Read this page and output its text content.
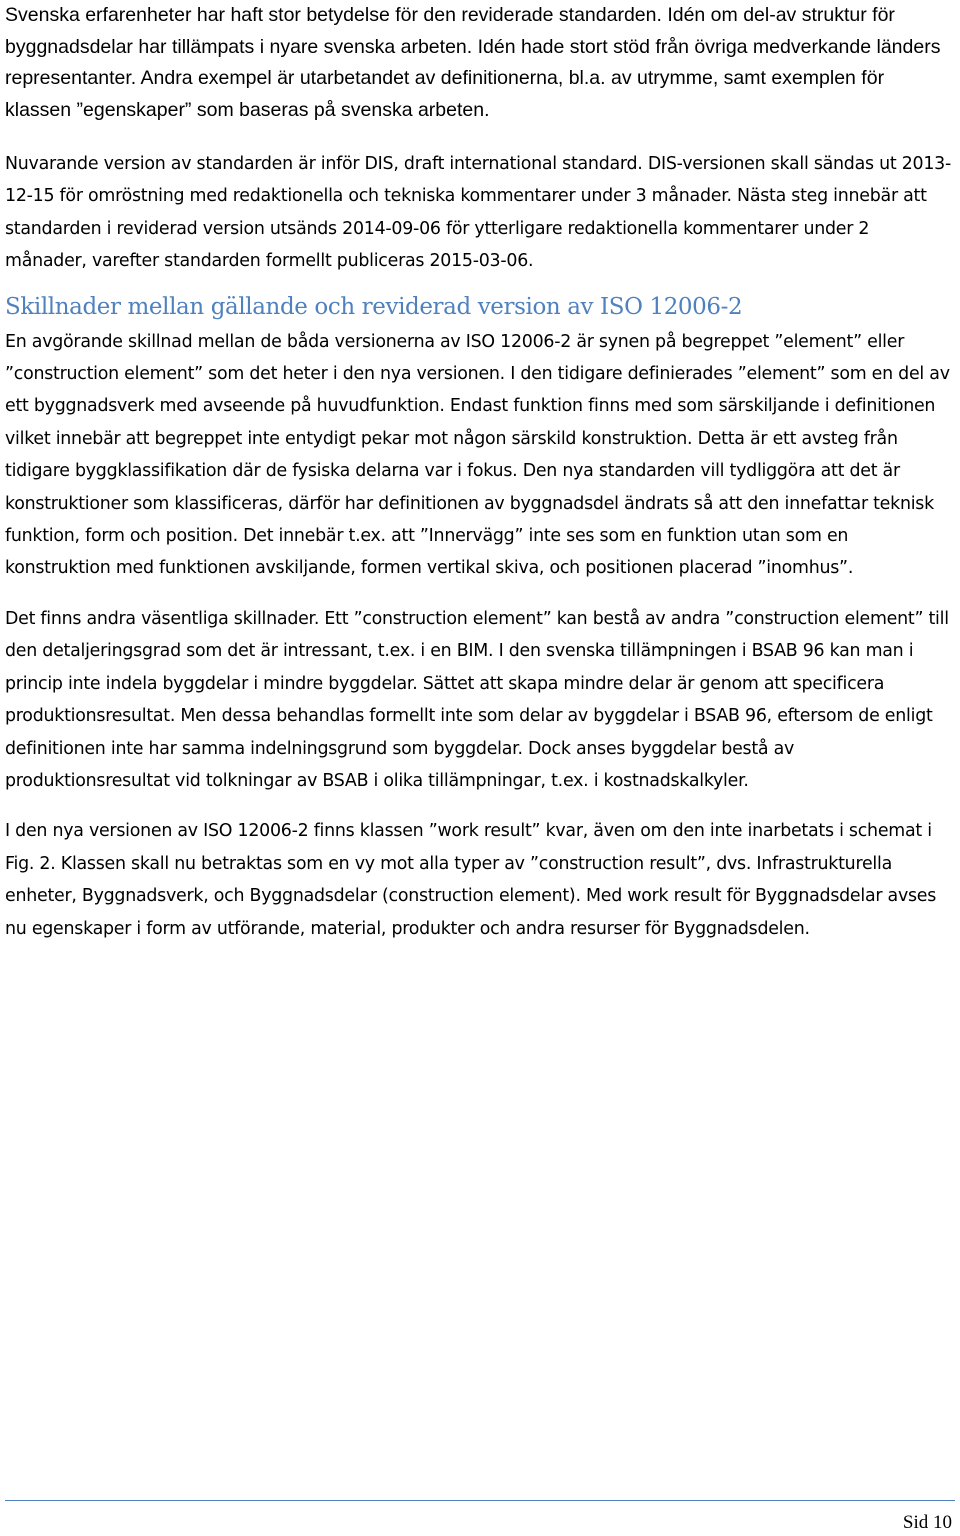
Svenska erfarenheter har haft stor betydelse för den reviderade standarden. Idén om del-av struktur för byggnadsdelar har tillämpats i nyare svenska arbeten. Idén hade stort stöd från övriga medverkande länders representanter. Andra exempel är utarbetandet av definitionerna, bl.a. av utrymme, samt exemplen för klassen ”egenskaper” som baseras på svenska arbeten.

Nuvarande version av standarden är inför DIS, draft international standard. DIS-versionen skall sändas ut 2013-12-15 för omröstning med redaktionella och tekniska kommentarer under 3 månader. Nästa steg innebär att standarden i reviderad version utsänds 2014-09-06 för ytterligare redaktionella kommentarer under 2 månader, varefter standarden formellt publiceras 2015-03-06.

Skillnader mellan gällande och reviderad version av ISO 12006-2

En avgörande skillnad mellan de båda versionerna av ISO 12006-2 är synen på begreppet ”element” eller ”construction element” som det heter i den nya versionen. I den tidigare definierades ”element” som en del av ett byggnadsverk med avseende på huvudfunktion. Endast funktion finns med som särskiljande i definitionen vilket innebär att begreppet inte entydigt pekar mot någon särskild konstruktion. Detta är ett avsteg från tidigare byggklassifikation där de fysiska delarna var i fokus. Den nya standarden vill tydliggöra att det är konstruktioner som klassificeras, därför har definitionen av byggnadsdel ändrats så att den innefattar teknisk funktion, form och position. Det innebär t.ex. att ”Innervägg” inte ses som en funktion utan som en konstruktion med funktionen avskiljande, formen vertikal skiva, och positionen placerad ”inomhus”.

Det finns andra väsentliga skillnader. Ett ”construction element” kan bestå av andra ”construction element” till den detaljeringsgrad som det är intressant, t.ex. i en BIM. I den svenska tillämpningen i BSAB 96 kan man i princip inte indela byggdelar i mindre byggdelar. Sättet att skapa mindre delar är genom att specificera produktionsresultat. Men dessa behandlas formellt inte som delar av byggdelar i BSAB 96, eftersom de enligt definitionen inte har samma indelningsgrund som byggdelar. Dock anses byggdelar bestå av produktionsresultat vid tolkningar av BSAB i olika tillämpningar, t.ex. i kostnadskalkyler.

I den nya versionen av ISO 12006-2 finns klassen ”work result” kvar, även om den inte inarbetats i schemat i Fig. 2. Klassen skall nu betraktas som en vy mot alla typer av ”construction result”, dvs. Infrastrukturella enheter, Byggnadsverk, och Byggnadsdelar (construction element). Med work result för Byggnadsdelar avses nu egenskaper i form av utförande, material, produkter och andra resurser för Byggnadsdelen.

Sid 10
